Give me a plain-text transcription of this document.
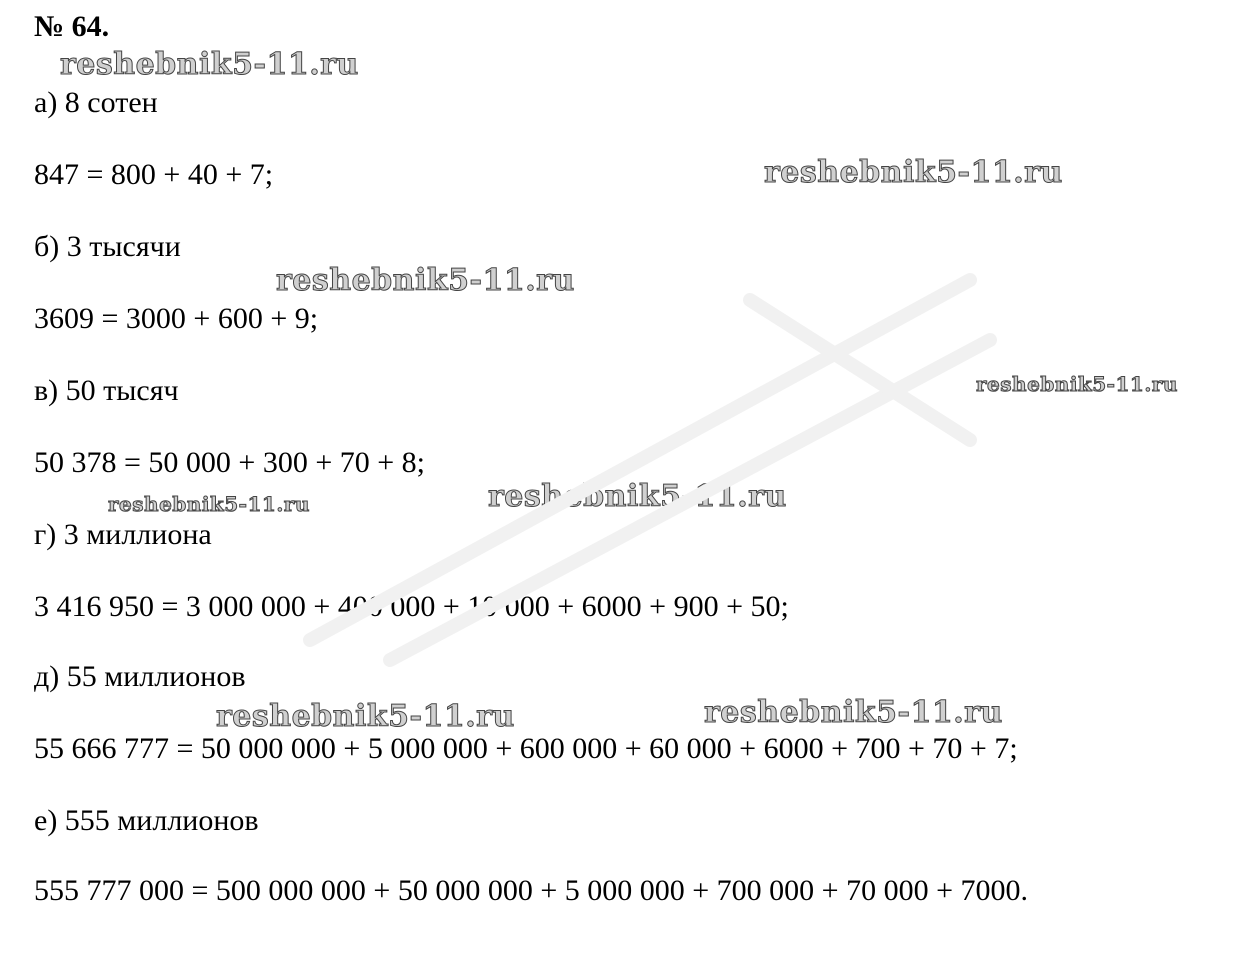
№ 64.
reshebnik5-11.ru
а) 8 сотен
847 = 800 + 40 + 7;	reshebnik5-11.ru
б) 3 тысячи
reshebnik5-11.ru
3609 = 3000 + 600 + 9;
в) 50 тысяч	reshebnik5-11.ru
50 378 = 50 000 + 300 + 70 + 8;
reshebnik5-11.ru	reshebnik5-11.ru
г) 3 миллиона
3 416 950 = 3 000 000 + 400 000 + 10 000 + 6000 + 900 + 50;
д) 55 миллионов
reshebnik5-11.ru	reshebnik5-11.ru
55 666 777 = 50 000 000 + 5 000 000 + 600 000 + 60 000 + 6000 + 700 + 70 + 7;
е) 555 миллионов
555 777 000 = 500 000 000 + 50 000 000 + 5 000 000 + 700 000 + 70 000 + 7000.
